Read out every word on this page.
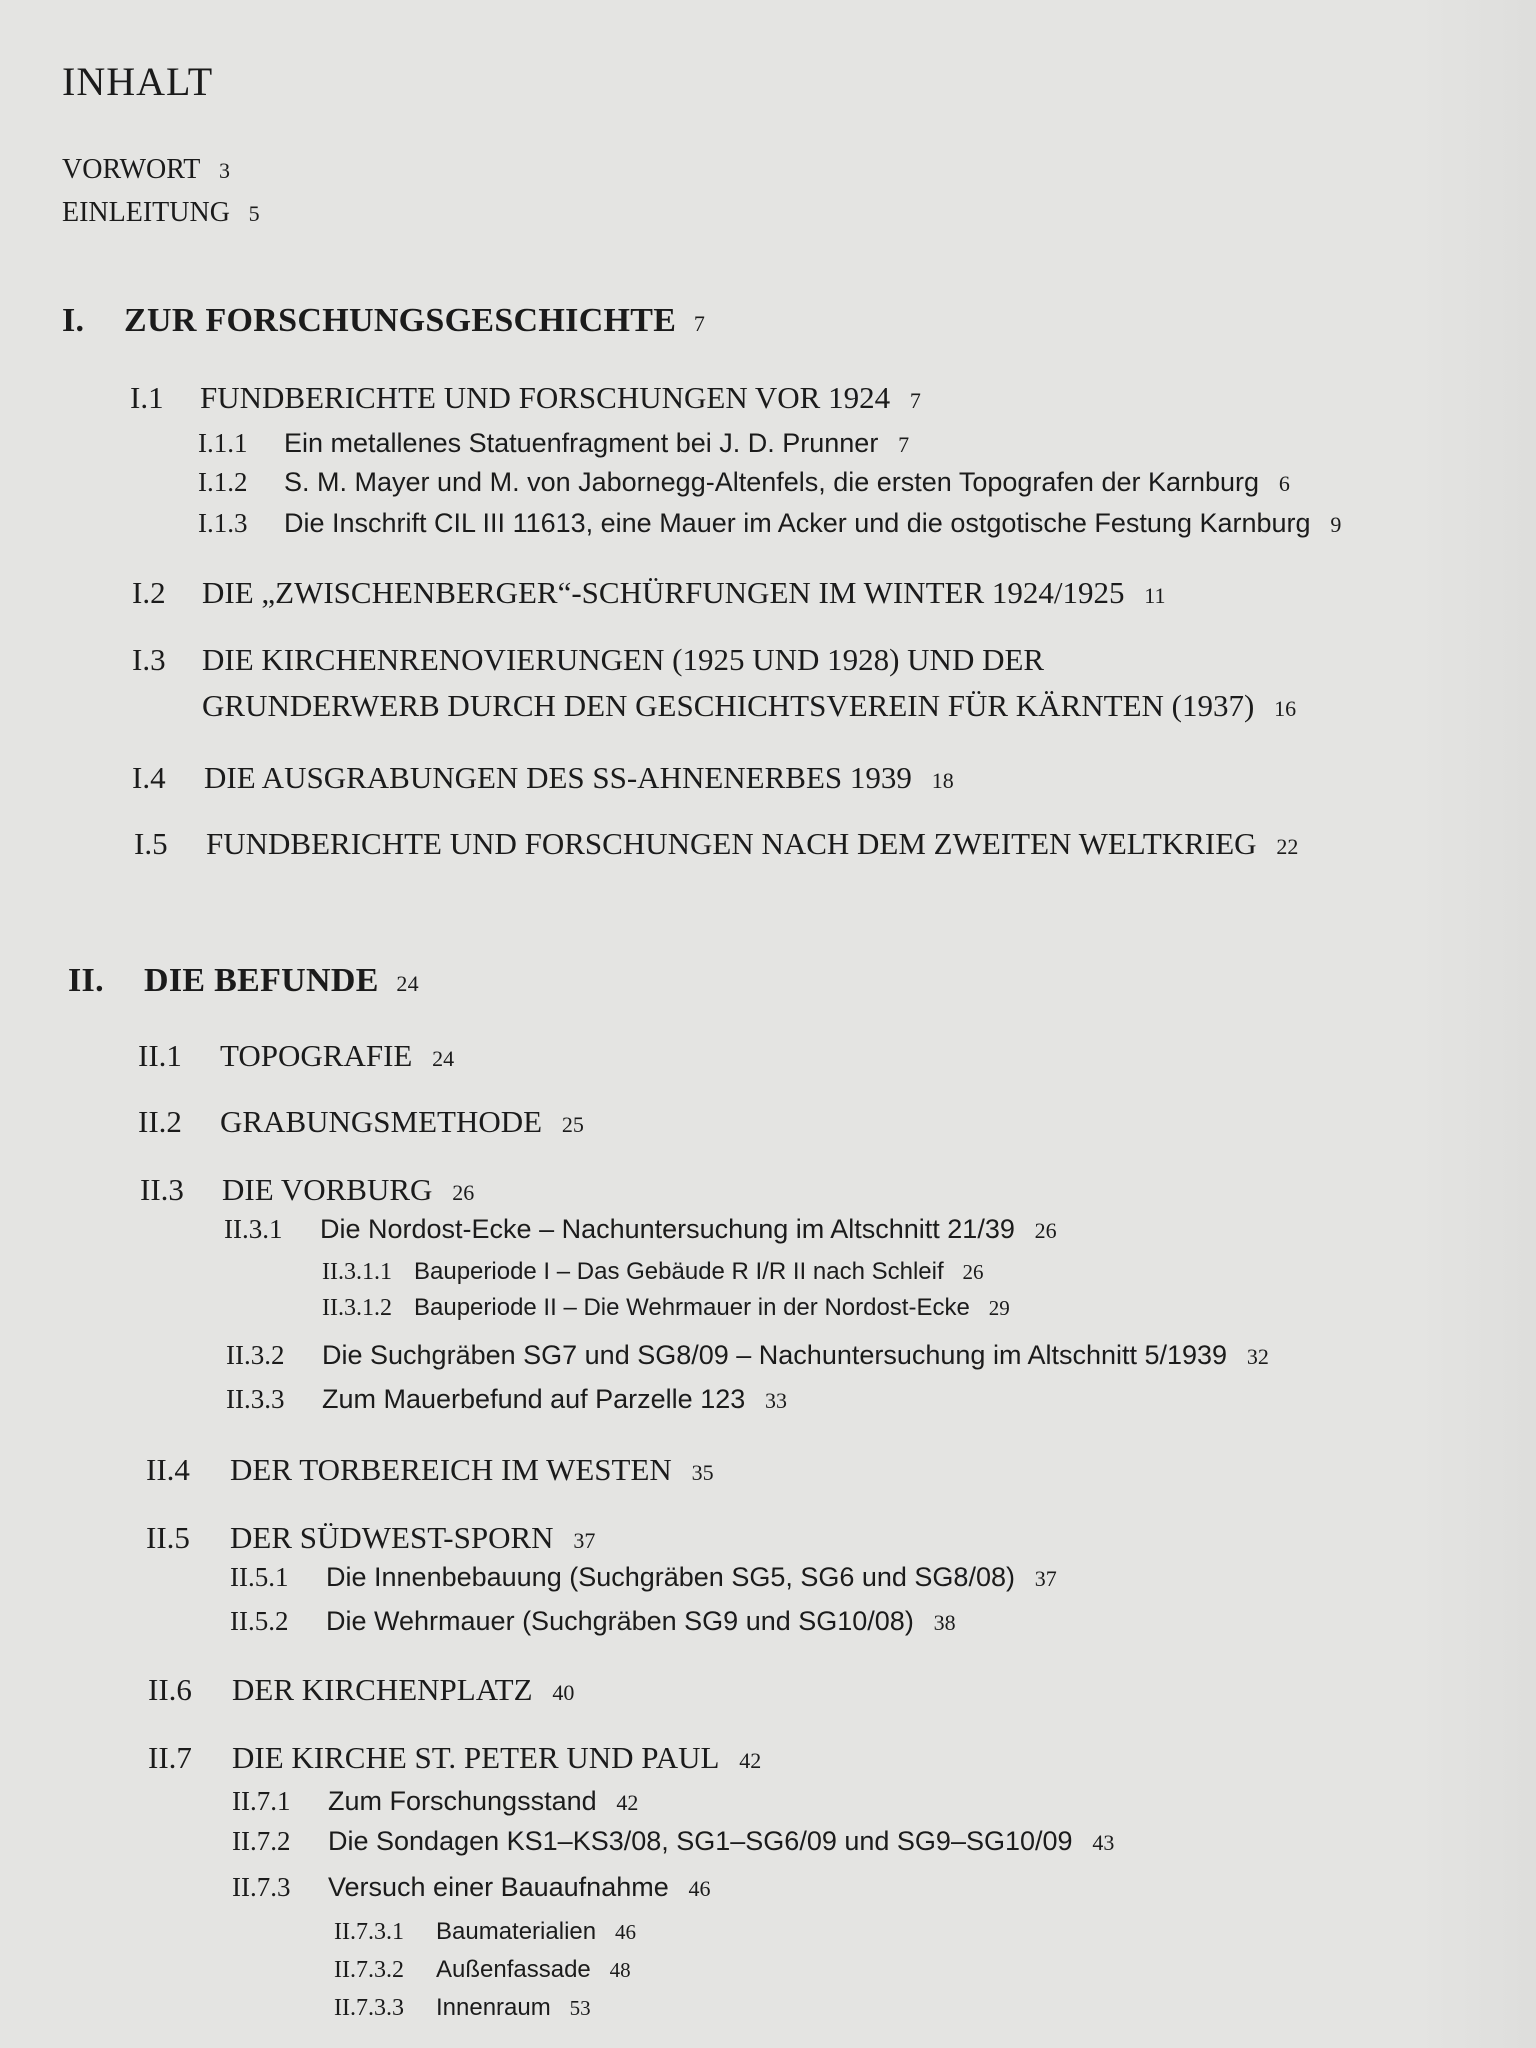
INHALT
VORWORT 3
EINLEITUNG 5
I. ZUR FORSCHUNGSGESCHICHTE 7
I.1 FUNDBERICHTE UND FORSCHUNGEN VOR 1924 7
I.1.1 Ein metallenes Statuenfragment bei J. D. Prunner 7
I.1.2 S. M. Mayer und M. von Jabornegg-Altenfels, die ersten Topografen der Karnburg 6
I.1.3 Die Inschrift CIL III 11613, eine Mauer im Acker und die ostgotische Festung Karnburg 9
I.2 DIE „ZWISCHENBERGER“-SCHÜRFUNGEN IM WINTER 1924/1925 11
I.3 DIE KIRCHENRENOVIERUNGEN (1925 UND 1928) UND DER
GRUNDERWERB DURCH DEN GESCHICHTSVEREIN FÜR KÄRNTEN (1937) 16
I.4 DIE AUSGRABUNGEN DES SS-AHNENERBES 1939 18
I.5 FUNDBERICHTE UND FORSCHUNGEN NACH DEM ZWEITEN WELTKRIEG 22
II. DIE BEFUNDE 24
II.1 TOPOGRAFIE 24
II.2 GRABUNGSMETHODE 25
II.3 DIE VORBURG 26
II.3.1 Die Nordost-Ecke – Nachuntersuchung im Altschnitt 21/39 26
II.3.1.1 Bauperiode I – Das Gebäude R I/R II nach Schleif 26
II.3.1.2 Bauperiode II – Die Wehrmauer in der Nordost-Ecke 29
II.3.2 Die Suchgräben SG7 und SG8/09 – Nachuntersuchung im Altschnitt 5/1939 32
II.3.3 Zum Mauerbefund auf Parzelle 123 33
II.4 DER TORBEREICH IM WESTEN 35
II.5 DER SÜDWEST-SPORN 37
II.5.1 Die Innenbebauung (Suchgräben SG5, SG6 und SG8/08) 37
II.5.2 Die Wehrmauer (Suchgräben SG9 und SG10/08) 38
II.6 DER KIRCHENPLATZ 40
II.7 DIE KIRCHE ST. PETER UND PAUL 42
II.7.1 Zum Forschungsstand 42
II.7.2 Die Sondagen KS1–KS3/08, SG1–SG6/09 und SG9–SG10/09 43
II.7.3 Versuch einer Bauaufnahme 46
II.7.3.1 Baumaterialien 46
II.7.3.2 Außenfassade 48
II.7.3.3 Innenraum 53
